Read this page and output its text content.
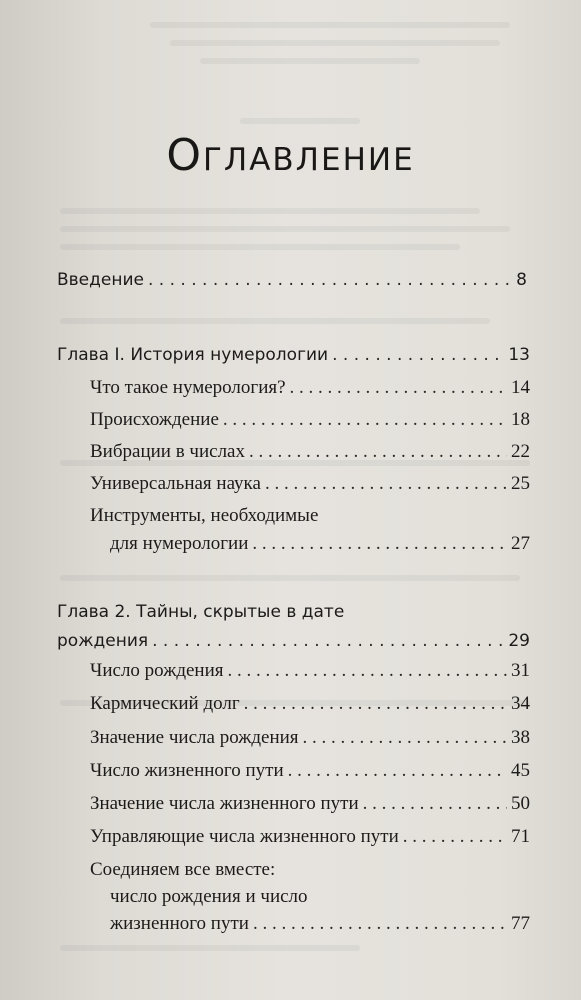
Оглавление
Введение . . .	8
Глава I. История нумерологии . . .	13
Что такое нумерология? . . .	14
Происхождение . . .	18
Вибрации в числах . . .	22
Универсальная наука . . .	25
Инструменты, необходимые
для нумерологии . . .	27
Глава 2. Тайны, скрытые в дате
рождения . . .	29
Число рождения . . .	31
Кармический долг . . .	34
Значение числа рождения . . .	38
Число жизненного пути . . .	45
Значение числа жизненного пути . . .	50
Управляющие числа жизненного пути . . .	71
Соединяем все вместе:
число рождения и число
жизненного пути . . .	77
